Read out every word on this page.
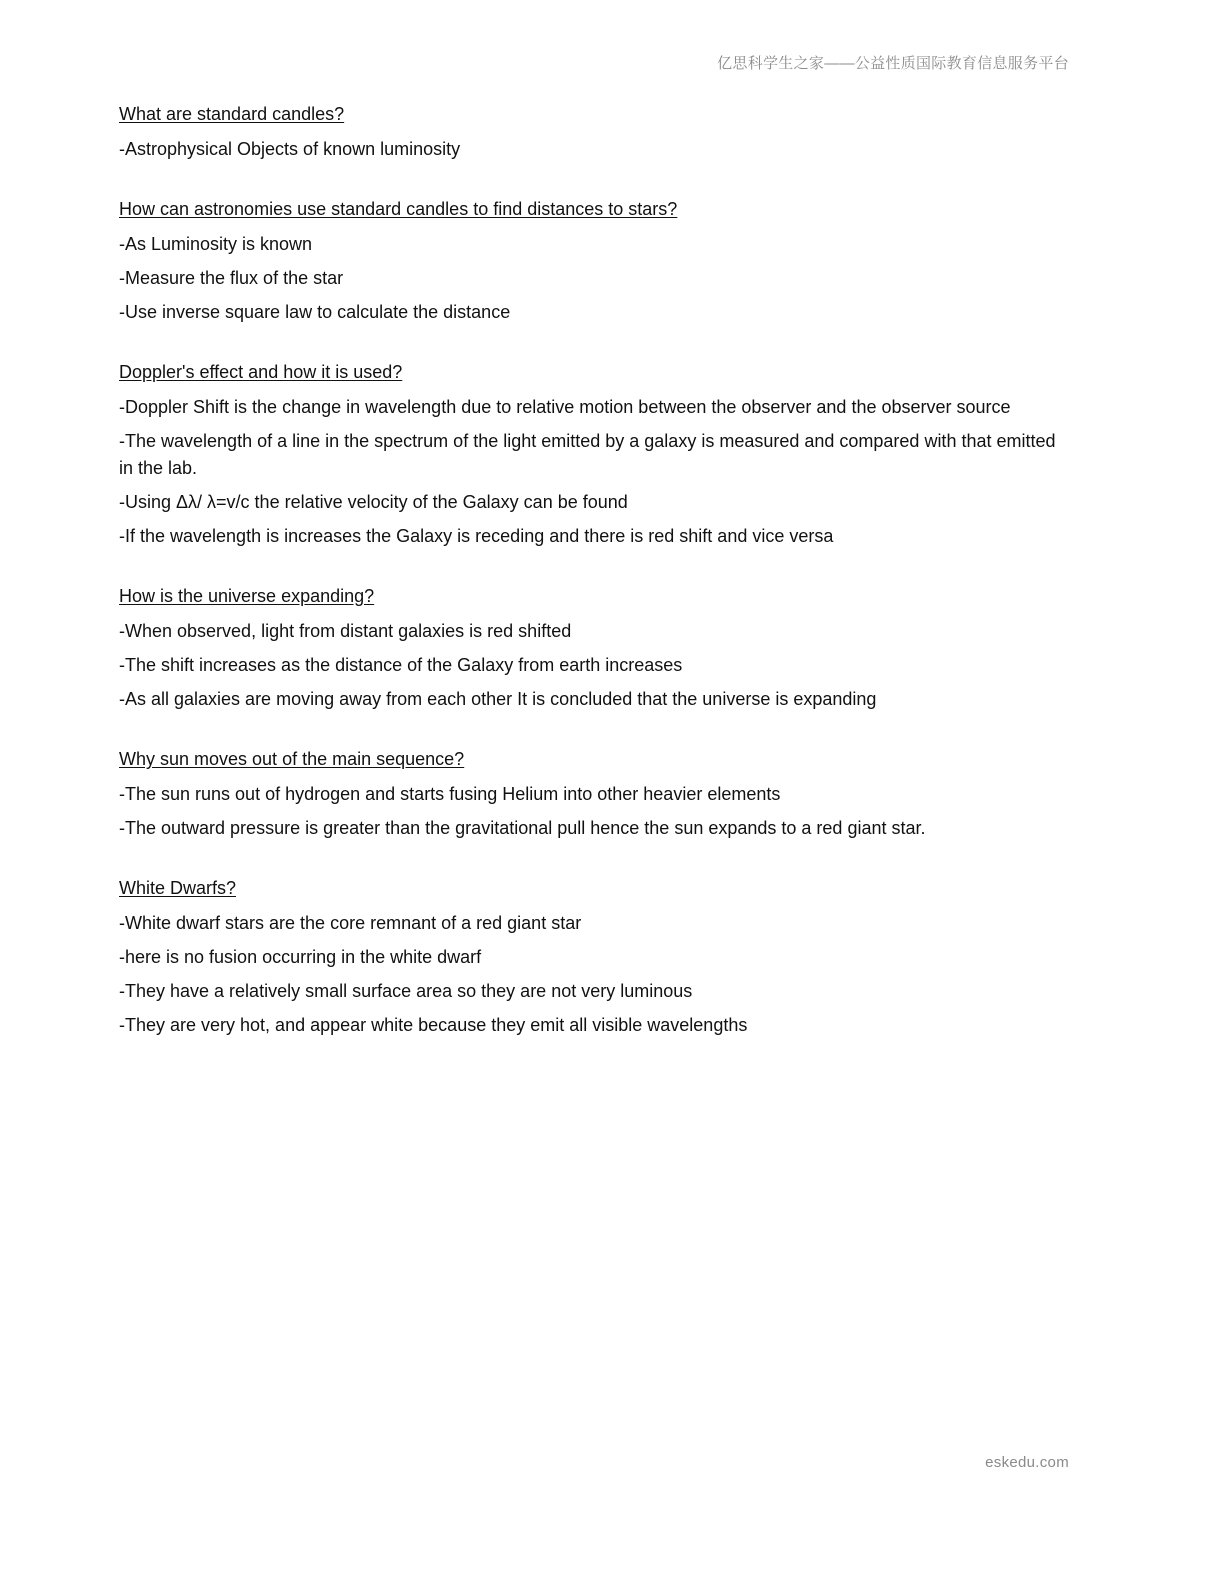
亿思科学生之家——公益性质国际教育信息服务平台
What are standard candles?
-Astrophysical Objects of known luminosity
How can astronomies use standard candles to find distances to stars?
-As Luminosity is known
-Measure the flux of the star
-Use inverse square law to calculate the distance
Doppler's effect and how it is used?
-Doppler Shift is the change in wavelength due to relative motion between the observer and the observer source
-The wavelength of a line in the spectrum of the light emitted by a galaxy is measured and compared with that emitted in the lab.
-Using Δλ/ λ=v/c the relative velocity of the Galaxy can be found
-If the wavelength is increases the Galaxy is receding and there is red shift and vice versa
How is the universe expanding?
-When observed, light from distant galaxies is red shifted
-The shift increases as the distance of the Galaxy from earth increases
-As all galaxies are moving away from each other It is concluded that the universe is expanding
Why sun moves out of the main sequence?
-The sun runs out of hydrogen and starts fusing Helium into other heavier elements
-The outward pressure is greater than the gravitational pull hence the sun expands to a red giant star.
White Dwarfs?
-White dwarf stars are the core remnant of a red giant star
-here is no fusion occurring in the white dwarf
-They have a relatively small surface area so they are not very luminous
-They are very hot, and appear white because they emit all visible wavelengths
eskedu.com
